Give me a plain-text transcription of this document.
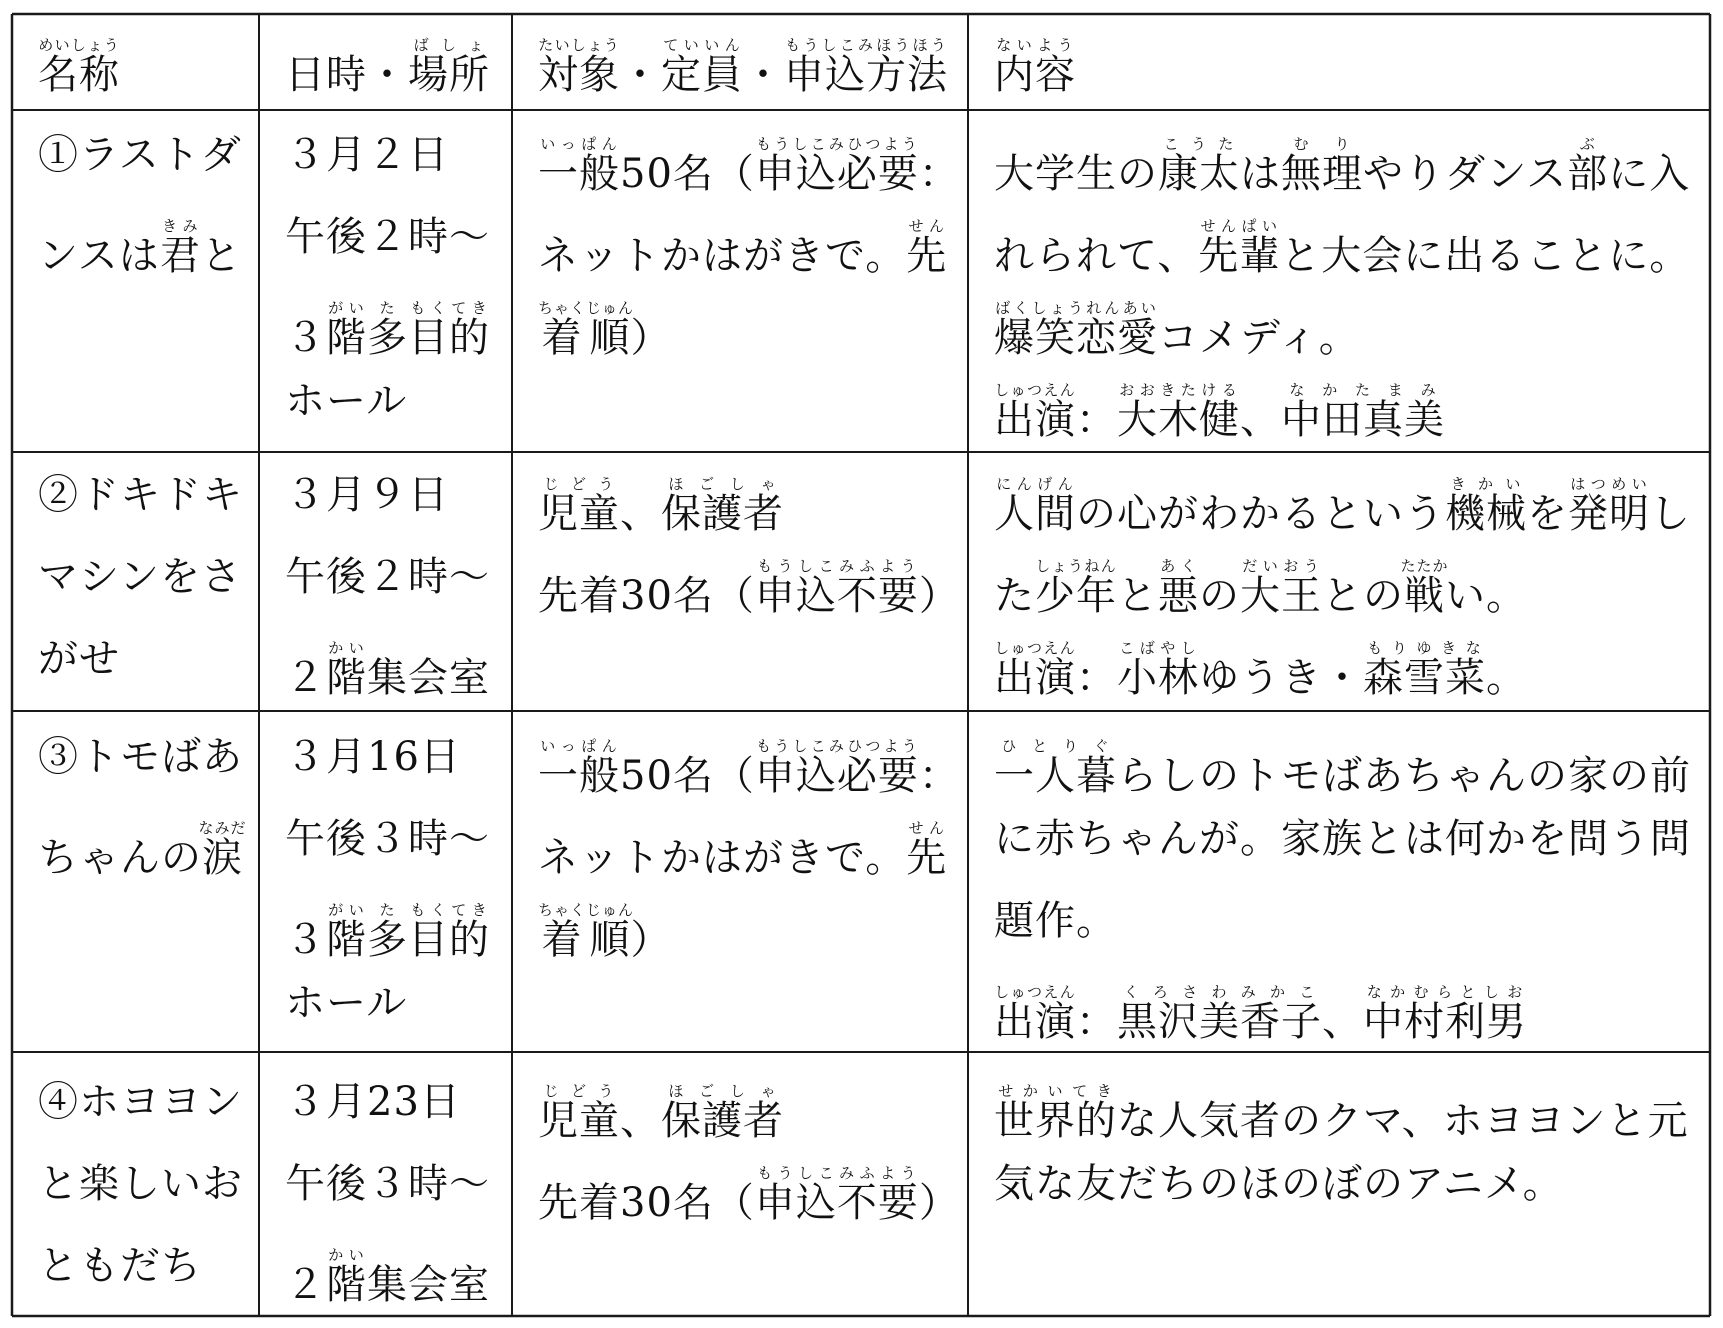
名称めいしょう
日時・場所ばしょ
対象たいしょう・定員ていいん・申込方法もうしこみほうほう
内容ないよう
①ラストダ
ンスは君きみと
３月２日
午後２時～
３階がい多た目的もくてき
ホール
一般いっぱん50名（申込必要もうしこみひつよう：
ネットかはがきで。先せん
着順ちゃくじゅん）
大学生の康太こうたは無理むりやりダンス部ぶに入
れられて、先輩せんぱいと大会に出ることに。
爆笑恋愛ばくしょうれんあいコメディ。
出演しゅつえん：大木健おおきたける、中田真美なかたまみ
②ドキドキ
マシンをさ
がせ
３月９日
午後２時～
２階かい集会室
児童じどう、保護者ほごしゃ
先着30名（申込不要もうしこみふよう）
人間にんげんの心がわかるという機械きかいを発明はつめいし
た少年しょうねんと悪あくの大王だいおうとの戦たたかい。
出演しゅつえん：小林こばやしゆうき・森雪菜もりゆきな。
③トモばあ
ちゃんの涙なみだ
３月16日
午後３時～
３階がい多た目的もくてき
ホール
一般いっぱん50名（申込必要もうしこみひつよう：
ネットかはがきで。先せん
着順ちゃくじゅん）
一人暮ひとりぐらしのトモばあちゃんの家の前
に赤ちゃんが。家族とは何かを問う問
題作。
出演しゅつえん：黒沢美香子くろさわみかこ、中村利男なかむらとしお
④ホヨヨン
と楽しいお
ともだち
３月23日
午後３時～
２階かい集会室
児童じどう、保護者ほごしゃ
先着30名（申込不要もうしこみふよう）
世界的せかいてきな人気者のクマ、ホヨヨンと元
気な友だちのほのぼのアニメ。
